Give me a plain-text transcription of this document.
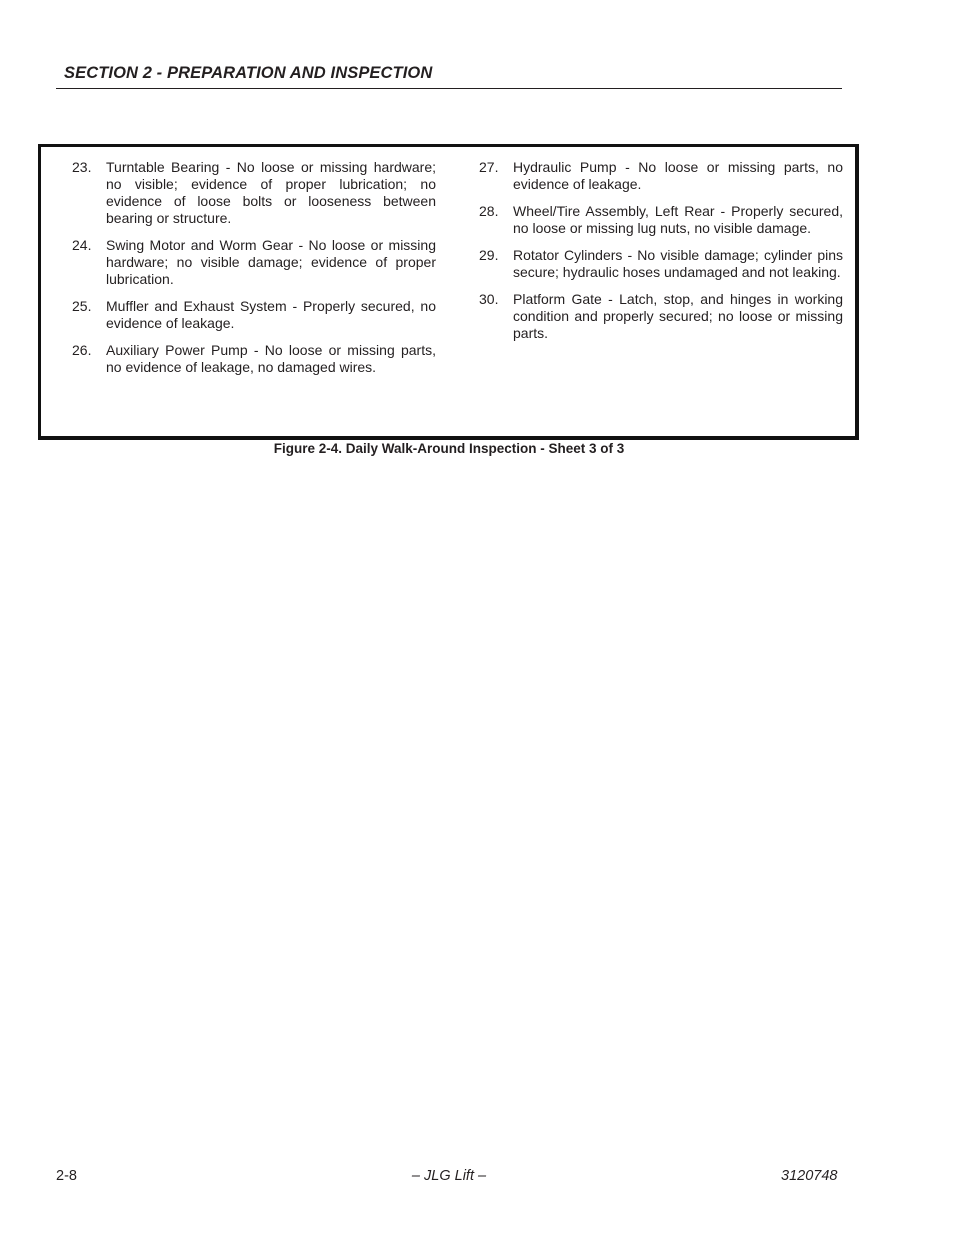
SECTION 2 - PREPARATION AND INSPECTION
23.	Turntable Bearing - No loose or missing hardware; no visible; evidence of proper lubrication; no evidence of loose bolts or looseness between bearing or structure.
24.	Swing Motor and Worm Gear - No loose or missing hardware; no visible damage; evidence of proper lubrication.
25.	Muffler and Exhaust System - Properly secured, no evidence of leakage.
26.	Auxiliary Power Pump - No loose or missing parts, no evidence of leakage, no damaged wires.
27.	Hydraulic Pump - No loose or missing parts, no evidence of leakage.
28.	Wheel/Tire Assembly, Left Rear - Properly secured, no loose or missing lug nuts, no visible damage.
29.	Rotator Cylinders - No visible damage; cylinder pins secure; hydraulic hoses undamaged and not leaking.
30.	Platform Gate - Latch, stop, and hinges in working condition and properly secured; no loose or missing parts.
Figure 2-4. Daily Walk-Around Inspection - Sheet 3 of 3
2-8	– JLG Lift –	3120748
